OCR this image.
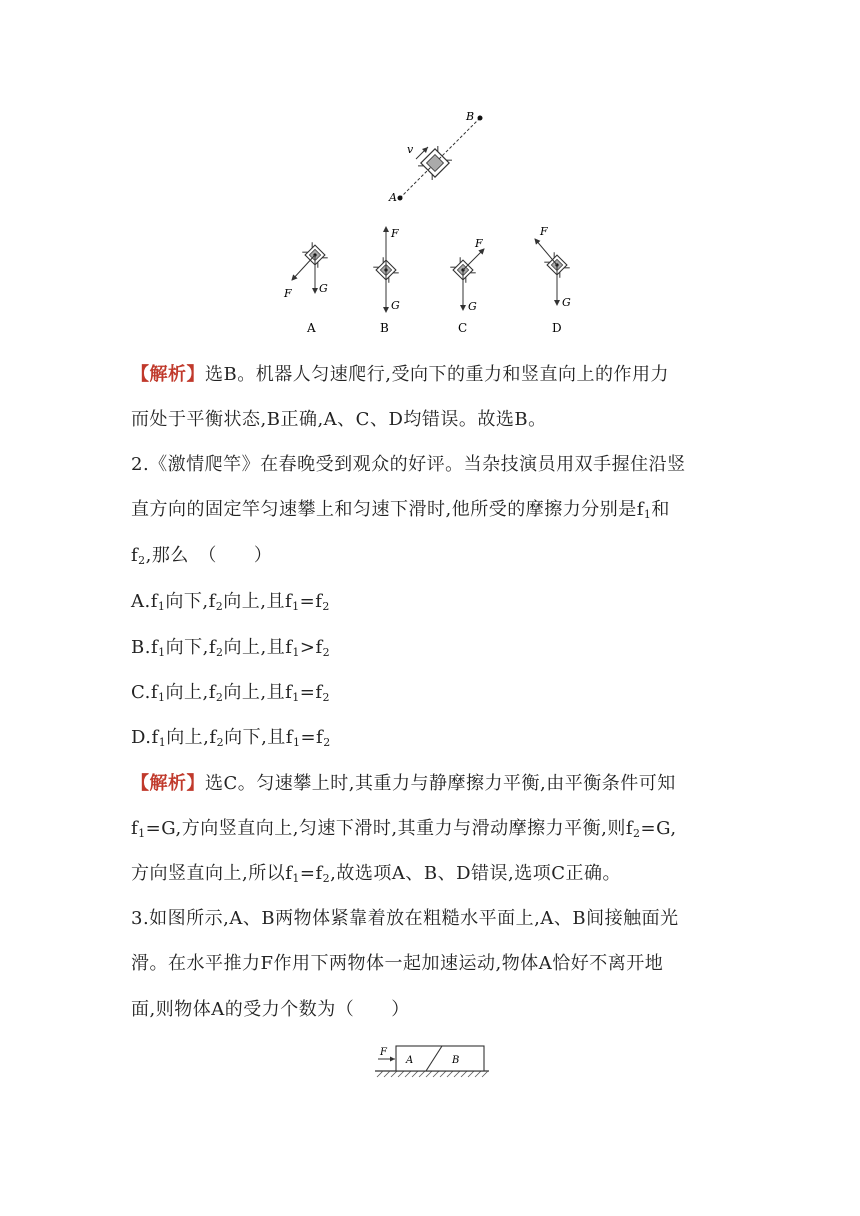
v
A
B
F G
A
F
G
B
F
G
C
F
G
D
【解析】选B。机器人匀速爬行,受向下的重力和竖直向上的作用力
而处于平衡状态,B正确,A、C、D均错误。故选B。
2.《激情爬竿》在春晚受到观众的好评。当杂技演员用双手握住沿竖
直方向的固定竿匀速攀上和匀速下滑时,他所受的摩擦力分别是$f_1$和
$f_2$,那么　（　　）
$A.f_1$向下$,f_2$向上,且$f_1=f_2$
$B.f_1$向下$,f_2$向上,且$f_1>f_2$
$C.f_1$向上$,f_2$向上,且$f_1=f_2$
$D.f_1$向上$,f_2$向下,且$f_1=f_2$
【解析】选C。匀速攀上时,其重力与静摩擦力平衡,由平衡条件可知
$f_1=G$,方向竖直向上,匀速下滑时,其重力与滑动摩擦力平衡,则$f_2=G$,
方向竖直向上,所以$f_1=f_2$,故选项A、B、D错误,选项C正确。
3.如图所示,A、B两物体紧靠着放在粗糙水平面上,A、B间接触面光
滑。在水平推力F作用下两物体一起加速运动,物体A恰好不离开地
面,则物体A的受力个数为（　　）
F
A	B
